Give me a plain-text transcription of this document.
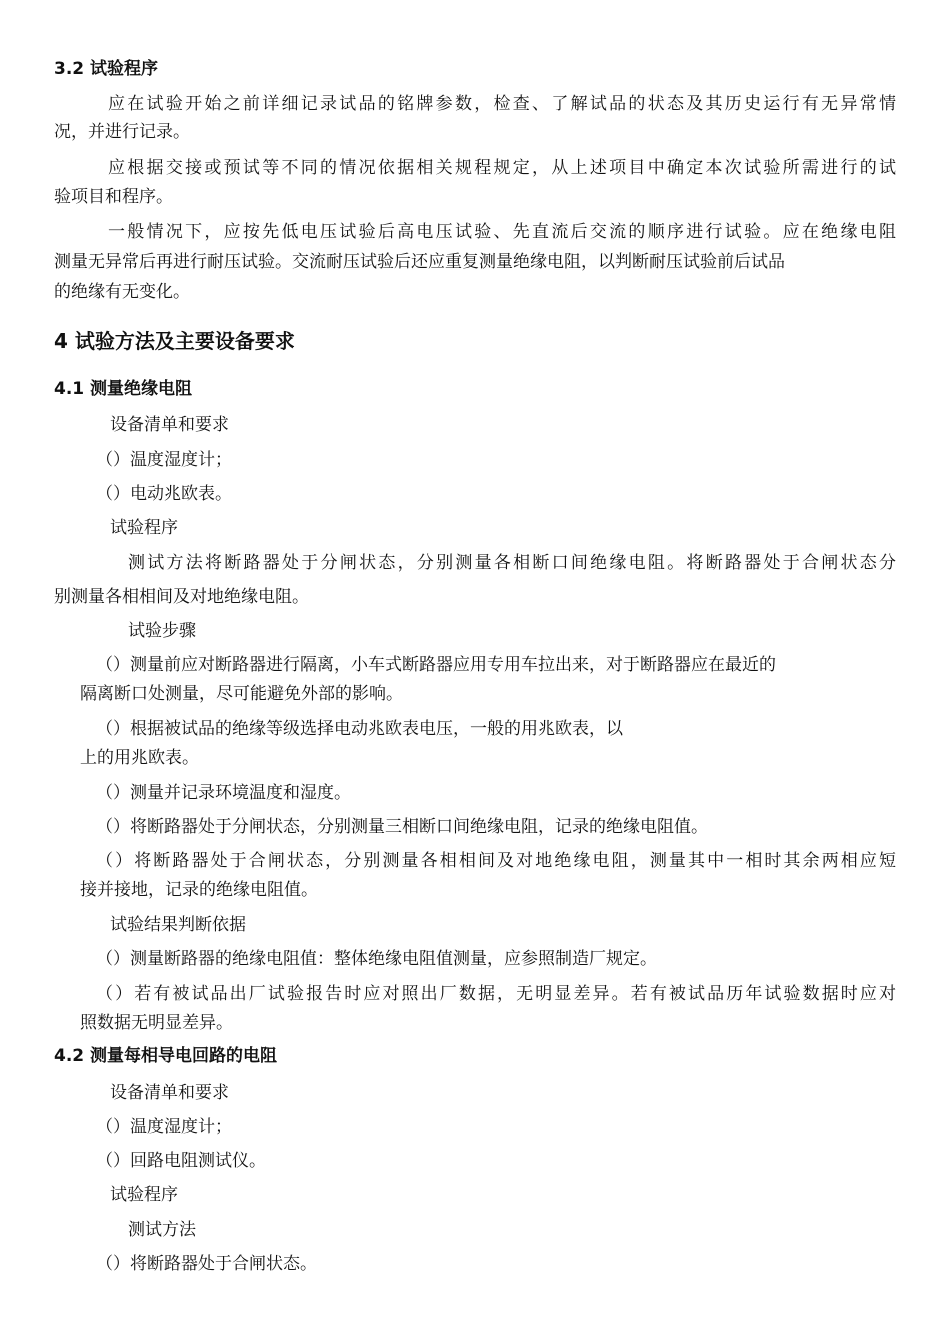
3.2 试验程序
应在试验开始之前详细记录试品的铭牌参数，检查、了解试品的状态及其历史运行有无异常情
况，并进行记录。
应根据交接或预试等不同的情况依据相关规程规定，从上述项目中确定本次试验所需进行的试
验项目和程序。
一般情况下，应按先低电压试验后高电压试验、先直流后交流的顺序进行试验。应在绝缘电阻
测量无异常后再进行耐压试验。交流耐压试验后还应重复测量绝缘电阻，以判断耐压试验前后试品
的绝缘有无变化。
4 试验方法及主要设备要求
4.1 测量绝缘电阻
设备清单和要求
（）温度湿度计；
（）电动兆欧表。
试验程序
测试方法将断路器处于分闸状态，分别测量各相断口间绝缘电阻。将断路器处于合闸状态分
别测量各相相间及对地绝缘电阻。
试验步骤
（）测量前应对断路器进行隔离，小车式断路器应用专用车拉出来，对于断路器应在最近的
隔离断口处测量，尽可能避免外部的影响。
（）根据被试品的绝缘等级选择电动兆欧表电压，一般的用兆欧表，以
上的用兆欧表。
（）测量并记录环境温度和湿度。
（）将断路器处于分闸状态，分别测量三相断口间绝缘电阻，记录的绝缘电阻值。
（）将断路器处于合闸状态，分别测量各相相间及对地绝缘电阻，测量其中一相时其余两相应短
接并接地，记录的绝缘电阻值。
试验结果判断依据
（）测量断路器的绝缘电阻值：整体绝缘电阻值测量，应参照制造厂规定。
（）若有被试品出厂试验报告时应对照出厂数据，无明显差异。若有被试品历年试验数据时应对
照数据无明显差异。
4.2 测量每相导电回路的电阻
设备清单和要求
（）温度湿度计；
（）回路电阻测试仪。
试验程序
测试方法
（）将断路器处于合闸状态。
